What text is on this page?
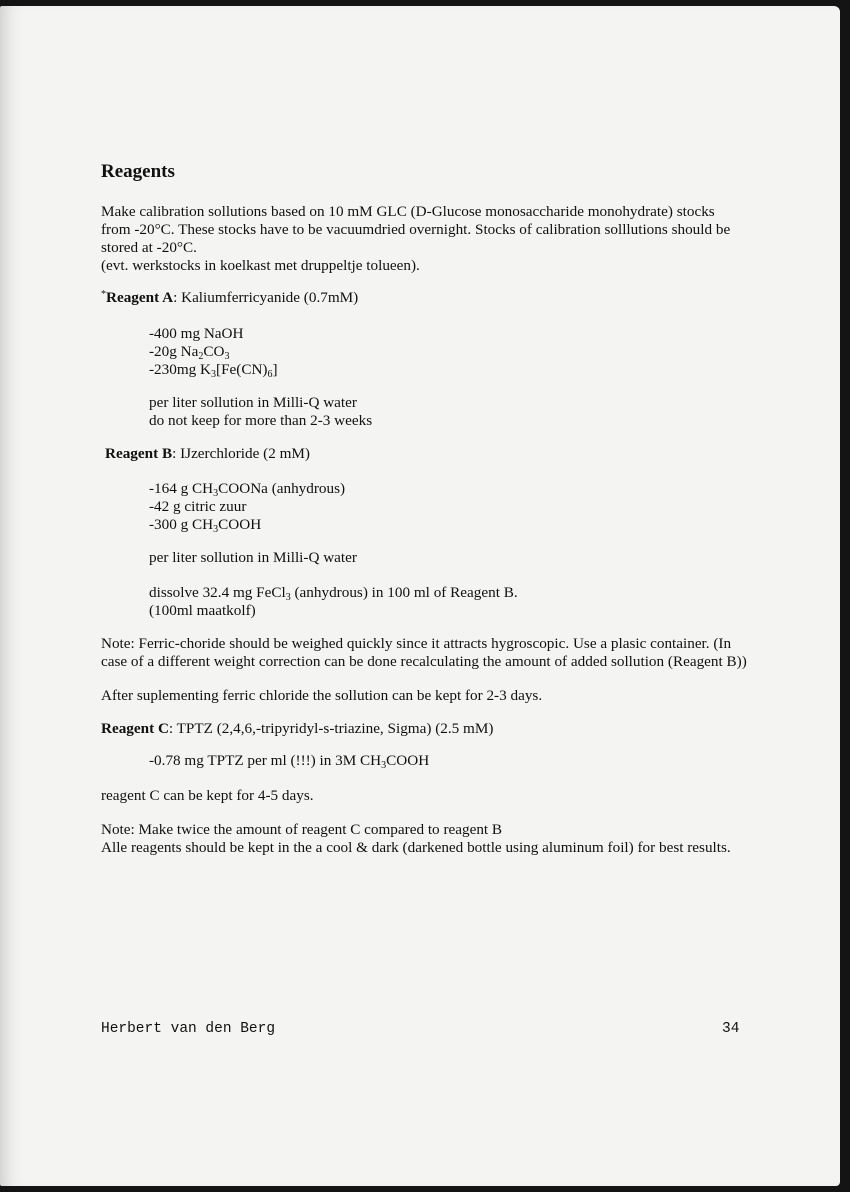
Reagents
Make calibration sollutions based on 10 mM GLC (D-Glucose monosaccharide monohydrate) stocks
from -20°C. These stocks have to be vacuumdried overnight. Stocks of calibration solllutions should be
stored at -20°C.
(evt. werkstocks in koelkast met druppeltje tolueen).
*Reagent A: Kaliumferricyanide (0.7mM)
-400 mg NaOH
-20g $Na_2CO_3$
-230mg $K_3[Fe(CN)_6]$
per liter sollution in Milli-Q water
do not keep for more than 2-3 weeks
Reagent B: IJzerchloride (2 mM)
-164 g $CH_3COONa$ (anhydrous)
-42 g citric zuur
-300 g $CH_3COOH$
per liter sollution in Milli-Q water
dissolve 32.4 mg FeCl$_3$ (anhydrous) in 100 ml of Reagent B.
(100ml maatkolf)
Note: Ferric-choride should be weighed quickly since it attracts hygroscopic. Use a plasic container. (In
case of a different weight correction can be done recalculating the amount of added sollution (Reagent B))
After suplementing ferric chloride the sollution can be kept for 2-3 days.
Reagent C: TPTZ (2,4,6,-tripyridyl-s-triazine, Sigma) (2.5 mM)
-0.78 mg TPTZ per ml (!!!) in 3M $CH_3COOH$
reagent C can be kept for 4-5 days.
Note: Make twice the amount of reagent C compared to reagent B
Alle reagents should be kept in the a cool & dark (darkened bottle using aluminum foil) for best results.
Herbert van den Berg	34
